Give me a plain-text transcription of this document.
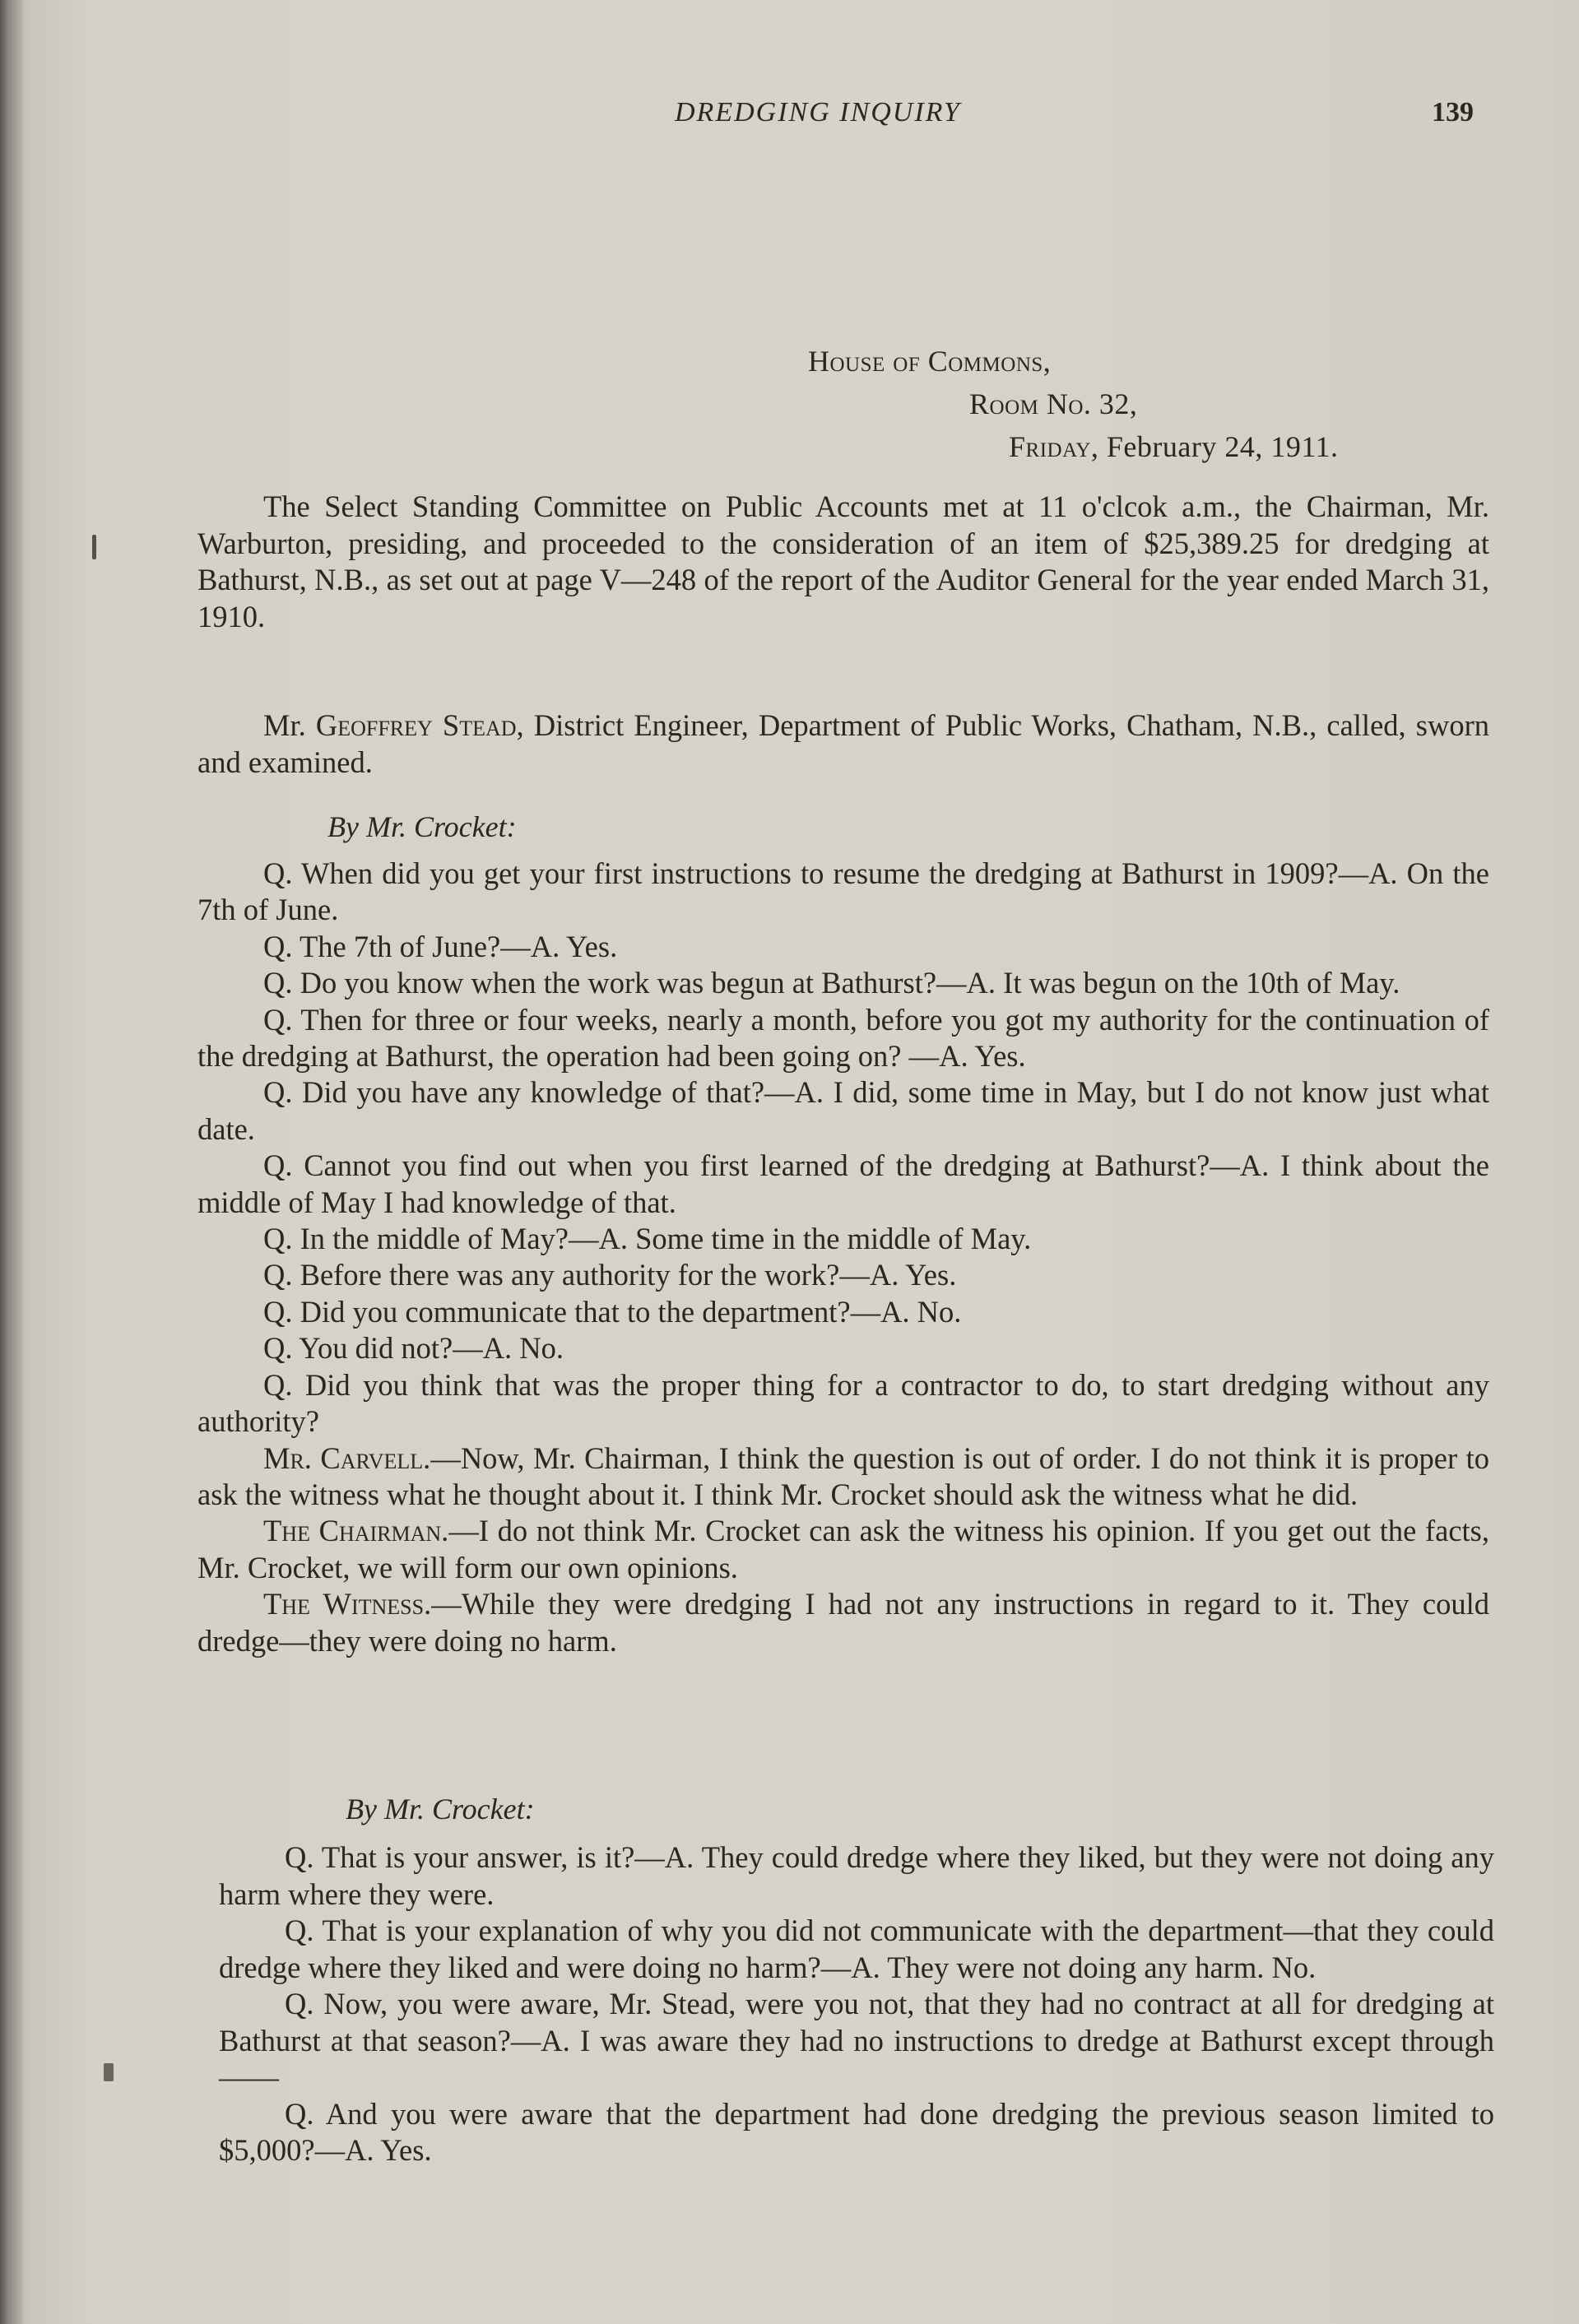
DREDGING INQUIRY	139
House of Commons,
Room No. 32,
Friday, February 24, 1911.

The Select Standing Committee on Public Accounts met at 11 o'clcok a.m., the Chairman, Mr. Warburton, presiding, and proceeded to the consideration of an item of $25,389.25 for dredging at Bathurst, N.B., as set out at page V—248 of the report of the Auditor General for the year ended March 31, 1910.

Mr. Geoffrey Stead, District Engineer, Department of Public Works, Chatham, N.B., called, sworn and examined.

By Mr. Crocket:

Q. When did you get your first instructions to resume the dredging at Bathurst in 1909?—A. On the 7th of June.

Q. The 7th of June?—A. Yes.

Q. Do you know when the work was begun at Bathurst?—A. It was begun on the 10th of May.

Q. Then for three or four weeks, nearly a month, before you got my authority for the continuation of the dredging at Bathurst, the operation had been going on? —A. Yes.

Q. Did you have any knowledge of that?—A. I did, some time in May, but I do not know just what date.

Q. Cannot you find out when you first learned of the dredging at Bathurst?—A. I think about the middle of May I had knowledge of that.

Q. In the middle of May?—A. Some time in the middle of May.

Q. Before there was any authority for the work?—A. Yes.

Q. Did you communicate that to the department?—A. No.

Q. You did not?—A. No.

Q. Did you think that was the proper thing for a contractor to do, to start dredging without any authority?

Mr. Carvell.—Now, Mr. Chairman, I think the question is out of order. I do not think it is proper to ask the witness what he thought about it. I think Mr. Crocket should ask the witness what he did.

The Chairman.—I do not think Mr. Crocket can ask the witness his opinion. If you get out the facts, Mr. Crocket, we will form our own opinions.

The Witness.—While they were dredging I had not any instructions in regard to it. They could dredge—they were doing no harm.

By Mr. Crocket:

Q. That is your answer, is it?—A. They could dredge where they liked, but they were not doing any harm where they were.

Q. That is your explanation of why you did not communicate with the department—that they could dredge where they liked and were doing no harm?—A. They were not doing any harm. No.

Q. Now, you were aware, Mr. Stead, were you not, that they had no contract at all for dredging at Bathurst at that season?—A. I was aware they had no instructions to dredge at Bathurst except through——

Q. And you were aware that the department had done dredging the previous season limited to $5,000?—A. Yes.
